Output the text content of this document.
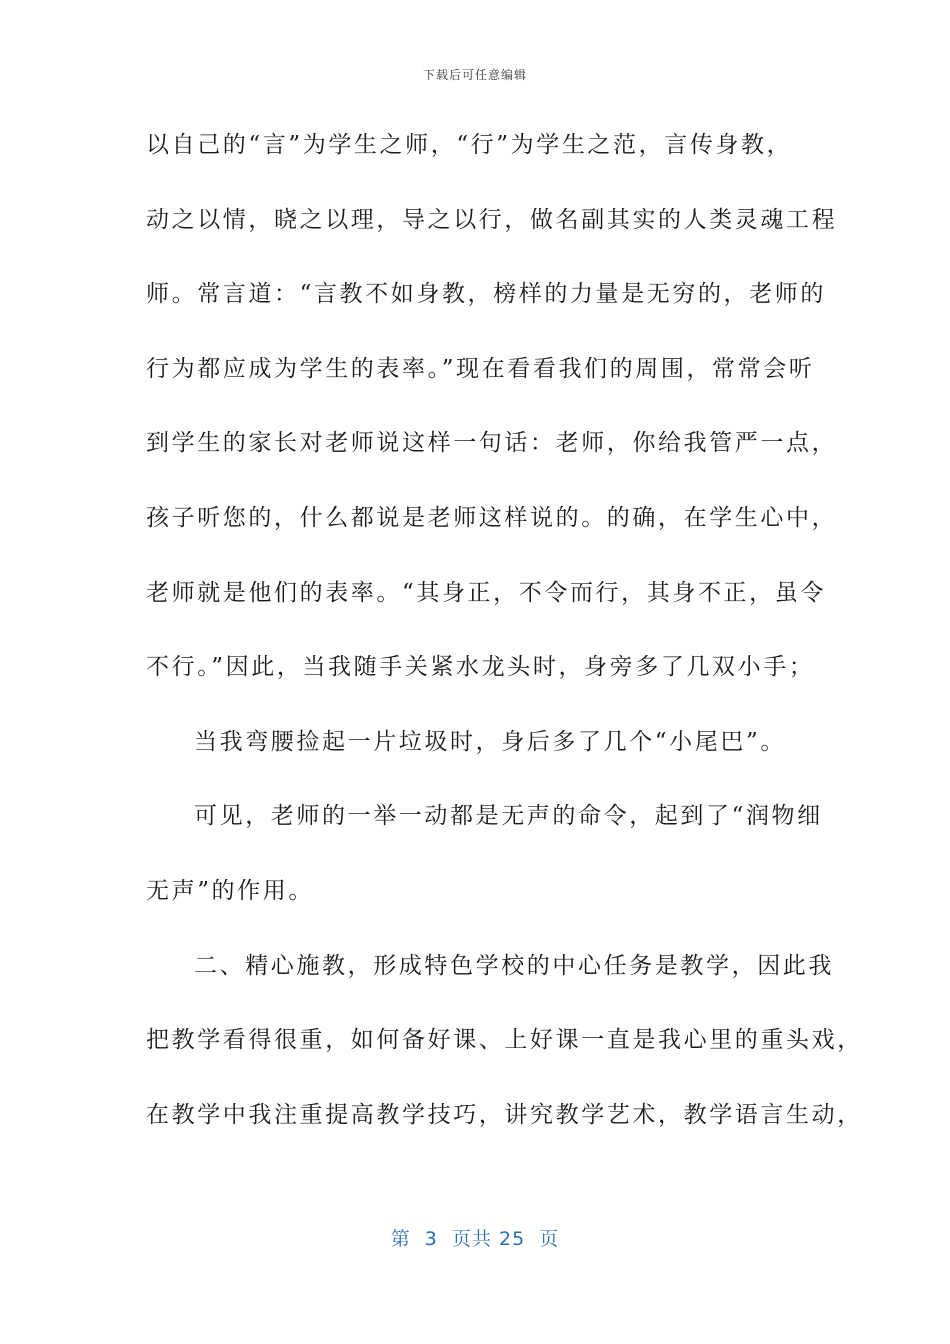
下载后可任意编辑
以自己的“言”为学生之师，“行”为学生之范，言传身教，
动之以情，晓之以理，导之以行，做名副其实的人类灵魂工程
师。常言道：“言教不如身教，榜样的力量是无穷的，老师的
行为都应成为学生的表率。”现在看看我们的周围，常常会听
到学生的家长对老师说这样一句话：老师，你给我管严一点，
孩子听您的，什么都说是老师这样说的。的确，在学生心中，
老师就是他们的表率。“其身正，不令而行，其身不正，虽令
不行。”因此，当我随手关紧水龙头时，身旁多了几双小手；
当我弯腰捡起一片垃圾时，身后多了几个“小尾巴”。
可见，老师的一举一动都是无声的命令，起到了“润物细
无声”的作用。
二、精心施教，形成特色学校的中心任务是教学，因此我
把教学看得很重，如何备好课、上好课一直是我心里的重头戏，
在教学中我注重提高教学技巧，讲究教学艺术，教学语言生动，
第  3  页共 25  页
